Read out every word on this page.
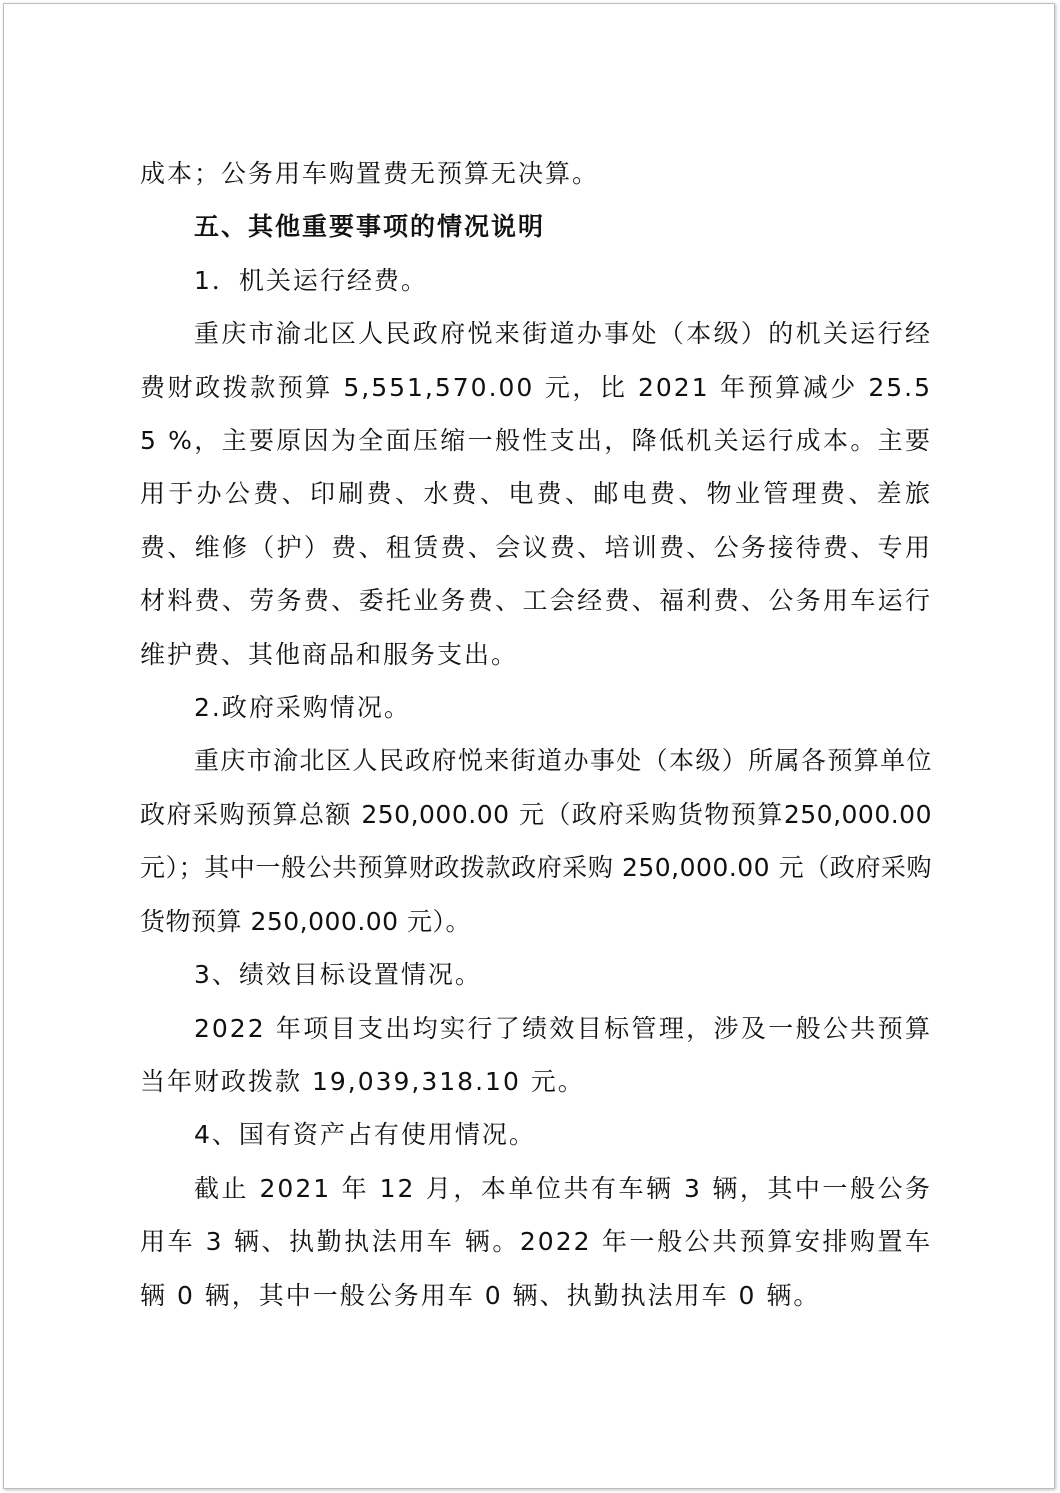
成本；公务用车购置费无预算无决算。

五、其他重要事项的情况说明

1．机关运行经费。

重庆市渝北区人民政府悦来街道办事处（本级）的机关运行经费财政拨款预算 5,551,570.00 元，比 2021 年预算减少 25.55 %，主要原因为全面压缩一般性支出，降低机关运行成本。主要用于办公费、印刷费、水费、电费、邮电费、物业管理费、差旅费、维修（护）费、租赁费、会议费、培训费、公务接待费、专用材料费、劳务费、委托业务费、工会经费、福利费、公务用车运行维护费、其他商品和服务支出。

2.政府采购情况。

重庆市渝北区人民政府悦来街道办事处（本级）所属各预算单位政府采购预算总额 250,000.00 元（政府采购货物预算250,000.00 元）；其中一般公共预算财政拨款政府采购 250,000.00 元（政府采购货物预算 250,000.00 元）。

3、绩效目标设置情况。

2022 年项目支出均实行了绩效目标管理，涉及一般公共预算当年财政拨款 19,039,318.10 元。

4、国有资产占有使用情况。

截止 2021 年 12 月，本单位共有车辆 3 辆，其中一般公务用车 3 辆、执勤执法用车 辆。2022 年一般公共预算安排购置车辆 0 辆，其中一般公务用车 0 辆、执勤执法用车 0 辆。
